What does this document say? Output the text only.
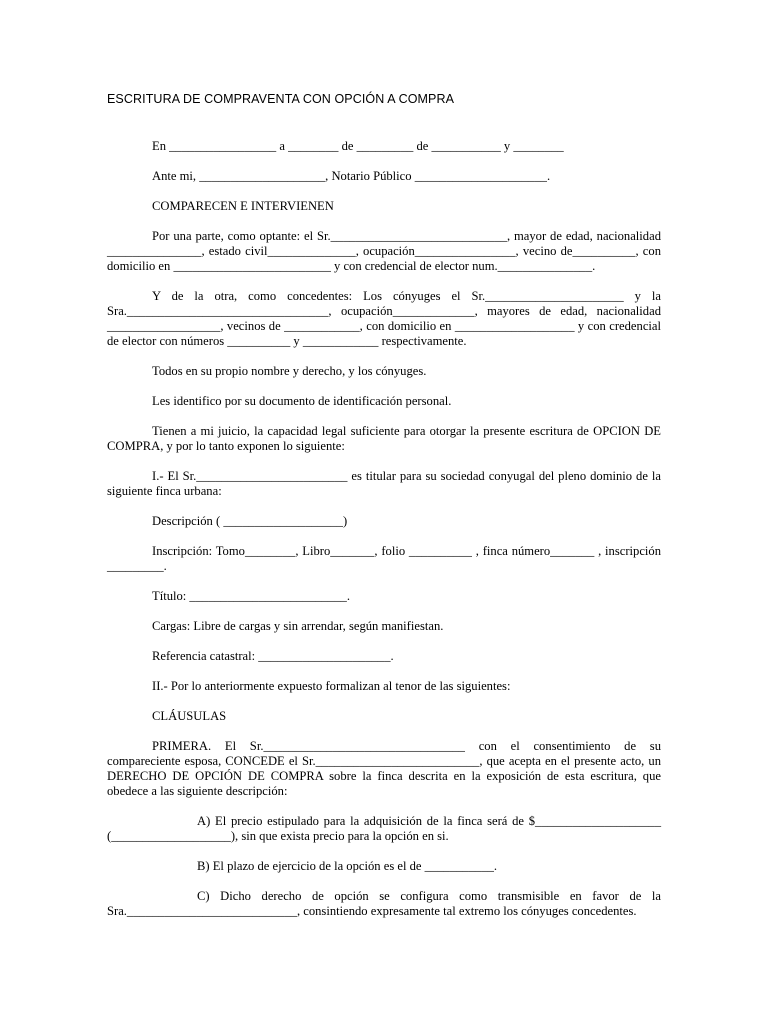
ESCRITURA DE COMPRAVENTA CON OPCIÓN A COMPRA

En _________________ a ________ de _________ de ___________ y ________

Ante mi, ____________________, Notario Público _____________________.

COMPARECEN E INTERVIENEN

Por una parte, como optante: el Sr.____________________________, mayor de edad, nacionalidad _______________, estado civil______________, ocupación________________, vecino de__________, con domicilio en _________________________ y con credencial de elector num._______________.

Y de la otra, como concedentes: Los cónyuges el Sr.______________________ y la Sra.________________________________, ocupación_____________, mayores de edad, nacionalidad __________________, vecinos de ____________, con domicilio en ___________________ y con credencial de elector con números __________ y ____________ respectivamente.

Todos en su propio nombre y derecho, y los cónyuges.

Les identifico por su documento de identificación personal.

Tienen a mi juicio, la capacidad legal suficiente para otorgar la presente escritura de OPCION DE COMPRA, y por lo tanto exponen lo siguiente:

I.- El Sr.________________________ es titular para su sociedad conyugal del pleno dominio de la siguiente finca urbana:

Descripción ( ___________________)

Inscripción: Tomo________, Libro_______, folio __________ , finca número_______ , inscripción _________.

Título: _________________________.

Cargas: Libre de cargas y sin arrendar, según manifiestan.

Referencia catastral: _____________________.

II.- Por lo anteriormente expuesto formalizan al tenor de las siguientes:

CLÁUSULAS

PRIMERA. El Sr.________________________________ con el consentimiento de su compareciente esposa, CONCEDE el Sr.__________________________, que acepta en el presente acto, un DERECHO DE OPCIÓN DE COMPRA sobre la finca descrita en la exposición de esta escritura, que obedece a las siguiente descripción:

A) El precio estipulado para la adquisición de la finca será de $____________________ (___________________), sin que exista precio para la opción en si.

B) El plazo de ejercicio de la opción es el de ___________.

C) Dicho derecho de opción se configura como transmisible en favor de la Sra.___________________________, consintiendo expresamente tal extremo los cónyuges concedentes.
